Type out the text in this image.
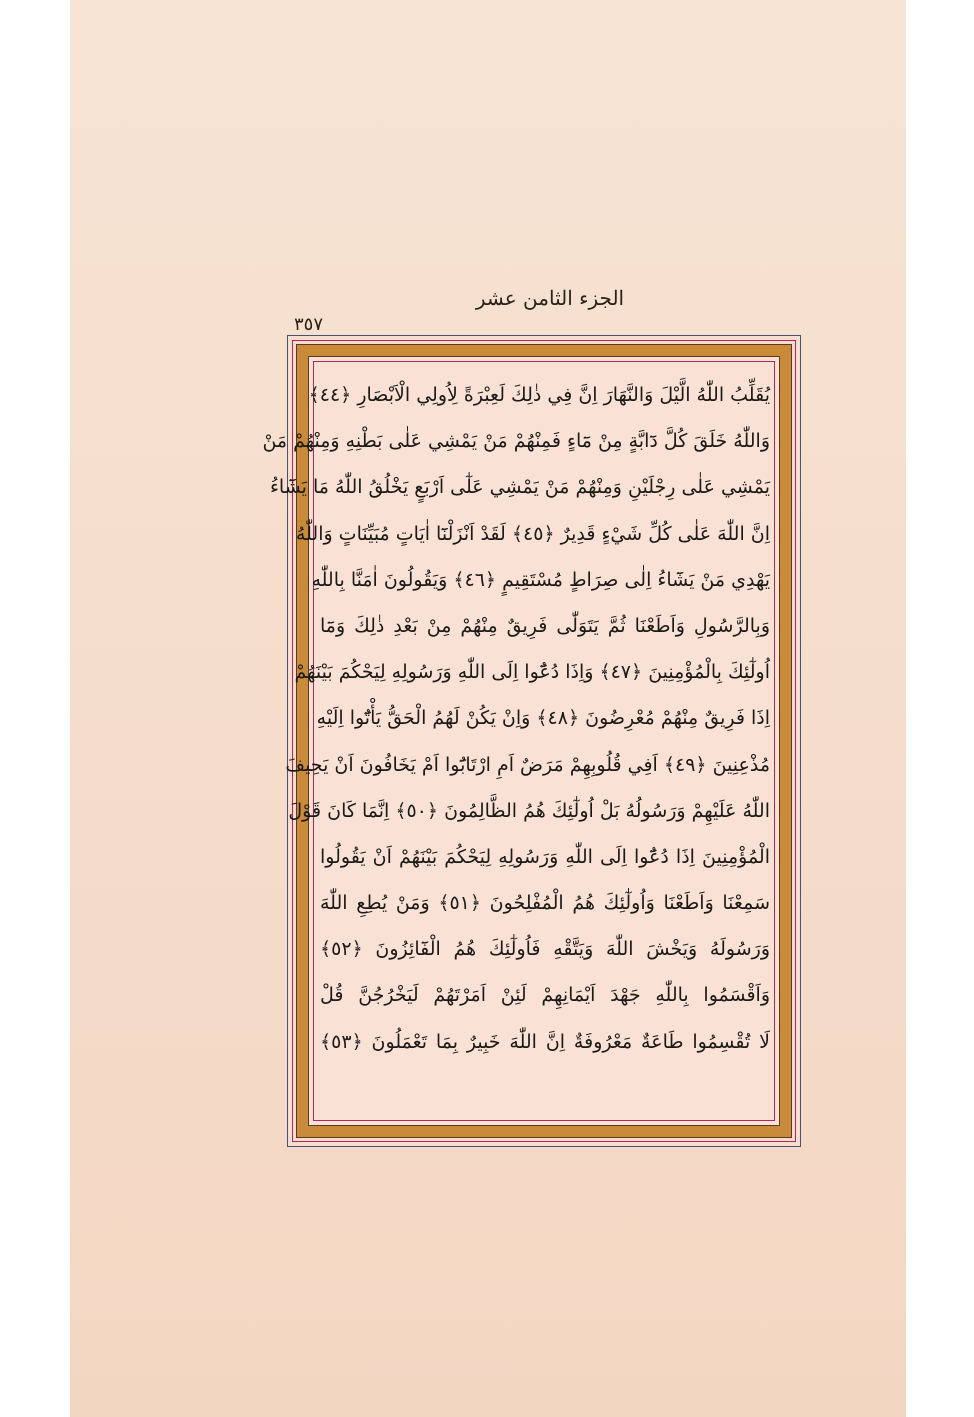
الجزء الثامن عشر
٣٥٧
يُقَلِّبُ اللّٰهُ الَّيْلَ وَالنَّهَارَ اِنَّ فِي ذٰلِكَ لَعِبْرَةً لِاُولِي الْاَبْصَارِ ﴿٤٤﴾
وَاللّٰهُ خَلَقَ كُلَّ دَٓابَّةٍ مِنْ مَٓاءٍ فَمِنْهُمْ مَنْ يَمْشِي عَلٰى بَطْنِهِ وَمِنْهُمْ مَنْ
يَمْشِي عَلٰى رِجْلَيْنِ وَمِنْهُمْ مَنْ يَمْشِي عَلٰٓى اَرْبَعٍ يَخْلُقُ اللّٰهُ مَا يَشَٓاءُ
اِنَّ اللّٰهَ عَلٰى كُلِّ شَيْءٍ قَدِيرٌ ﴿٤٥﴾ لَقَدْ اَنْزَلْنَٓا اٰيَاتٍ مُبَيِّنَاتٍ وَاللّٰهُ
يَهْدِي مَنْ يَشَٓاءُ اِلٰى صِرَاطٍ مُسْتَقِيمٍ ﴿٤٦﴾ وَيَقُولُونَ اٰمَنَّا بِاللّٰهِ
وَبِالرَّسُولِ وَاَطَعْنَا ثُمَّ يَتَوَلّٰى فَرِيقٌ مِنْهُمْ مِنْ بَعْدِ ذٰلِكَ وَمَٓا
اُولٰٓئِكَ بِالْمُؤْمِنِينَ ﴿٤٧﴾ وَاِذَا دُعُٓوا اِلَى اللّٰهِ وَرَسُولِهِ لِيَحْكُمَ بَيْنَهُمْ
اِذَا فَرِيقٌ مِنْهُمْ مُعْرِضُونَ ﴿٤٨﴾ وَاِنْ يَكُنْ لَهُمُ الْحَقُّ يَأْتُٓوا اِلَيْهِ
مُذْعِنِينَ ﴿٤٩﴾ اَفِي قُلُوبِهِمْ مَرَضٌ اَمِ ارْتَابُٓوا اَمْ يَخَافُونَ اَنْ يَحِيفَ
اللّٰهُ عَلَيْهِمْ وَرَسُولُهُ بَلْ اُولٰٓئِكَ هُمُ الظَّالِمُونَ ﴿٥٠﴾ اِنَّمَا كَانَ قَوْلَ
الْمُؤْمِنِينَ اِذَا دُعُٓوا اِلَى اللّٰهِ وَرَسُولِهِ لِيَحْكُمَ بَيْنَهُمْ اَنْ يَقُولُوا
سَمِعْنَا وَاَطَعْنَا وَاُولٰٓئِكَ هُمُ الْمُفْلِحُونَ ﴿٥١﴾ وَمَنْ يُطِعِ اللّٰهَ
وَرَسُولَهُ وَيَخْشَ اللّٰهَ وَيَتَّقْهِ فَاُولٰٓئِكَ هُمُ الْفَٓائِزُونَ ﴿٥٢﴾
وَاَقْسَمُوا بِاللّٰهِ جَهْدَ اَيْمَانِهِمْ لَئِنْ اَمَرْتَهُمْ لَيَخْرُجُنَّ قُلْ
لَا تُقْسِمُوا طَاعَةٌ مَعْرُوفَةٌ اِنَّ اللّٰهَ خَبِيرٌ بِمَا تَعْمَلُونَ ﴿٥٣﴾
